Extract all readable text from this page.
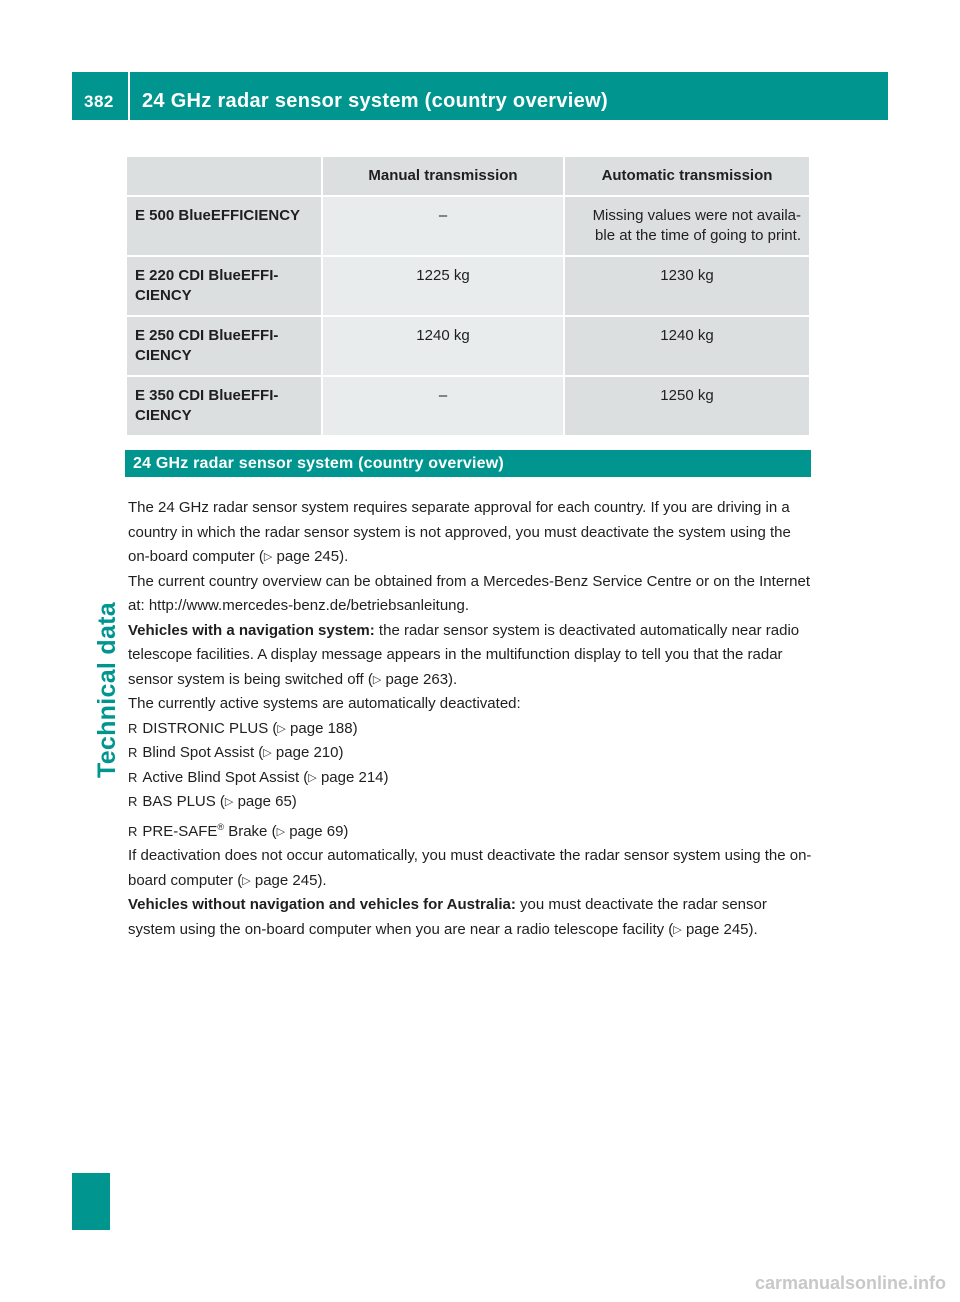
382	24 GHz radar sensor system (country overview)
Technical data
	Manual transmission	Automatic transmission
E 500 BlueEFFICIENCY	–	Missing values were not availa-ble at the time of going to print.
E 220 CDI BlueEFFI-CIENCY	1225 kg	1230 kg
E 250 CDI BlueEFFI-CIENCY	1240 kg	1240 kg
E 350 CDI BlueEFFI-CIENCY	–	1250 kg
24 GHz radar sensor system (country overview)

The 24 GHz radar sensor system requires separate approval for each country. If you are driving in a country in which the radar sensor system is not approved, you must deactivate the system using the on-board computer (▷ page 245).

The current country overview can be obtained from a Mercedes-Benz Service Centre or on the Internet at: http://www.mercedes-benz.de/betriebsanleitung.

Vehicles with a navigation system: the radar sensor system is deactivated automatically near radio telescope facilities. A display message appears in the multifunction display to tell you that the radar sensor system is being switched off (▷ page 263).

The currently active systems are automatically deactivated:

R DISTRONIC PLUS (▷ page 188)

R Blind Spot Assist (▷ page 210)

R Active Blind Spot Assist (▷ page 214)

R BAS PLUS (▷ page 65)

R PRE-SAFE® Brake (▷ page 69)

If deactivation does not occur automatically, you must deactivate the radar sensor system using the on-board computer (▷ page 245).

Vehicles without navigation and vehicles for Australia: you must deactivate the radar sensor system using the on-board computer when you are near a radio telescope facility (▷ page 245).

carmanualsonline.info
